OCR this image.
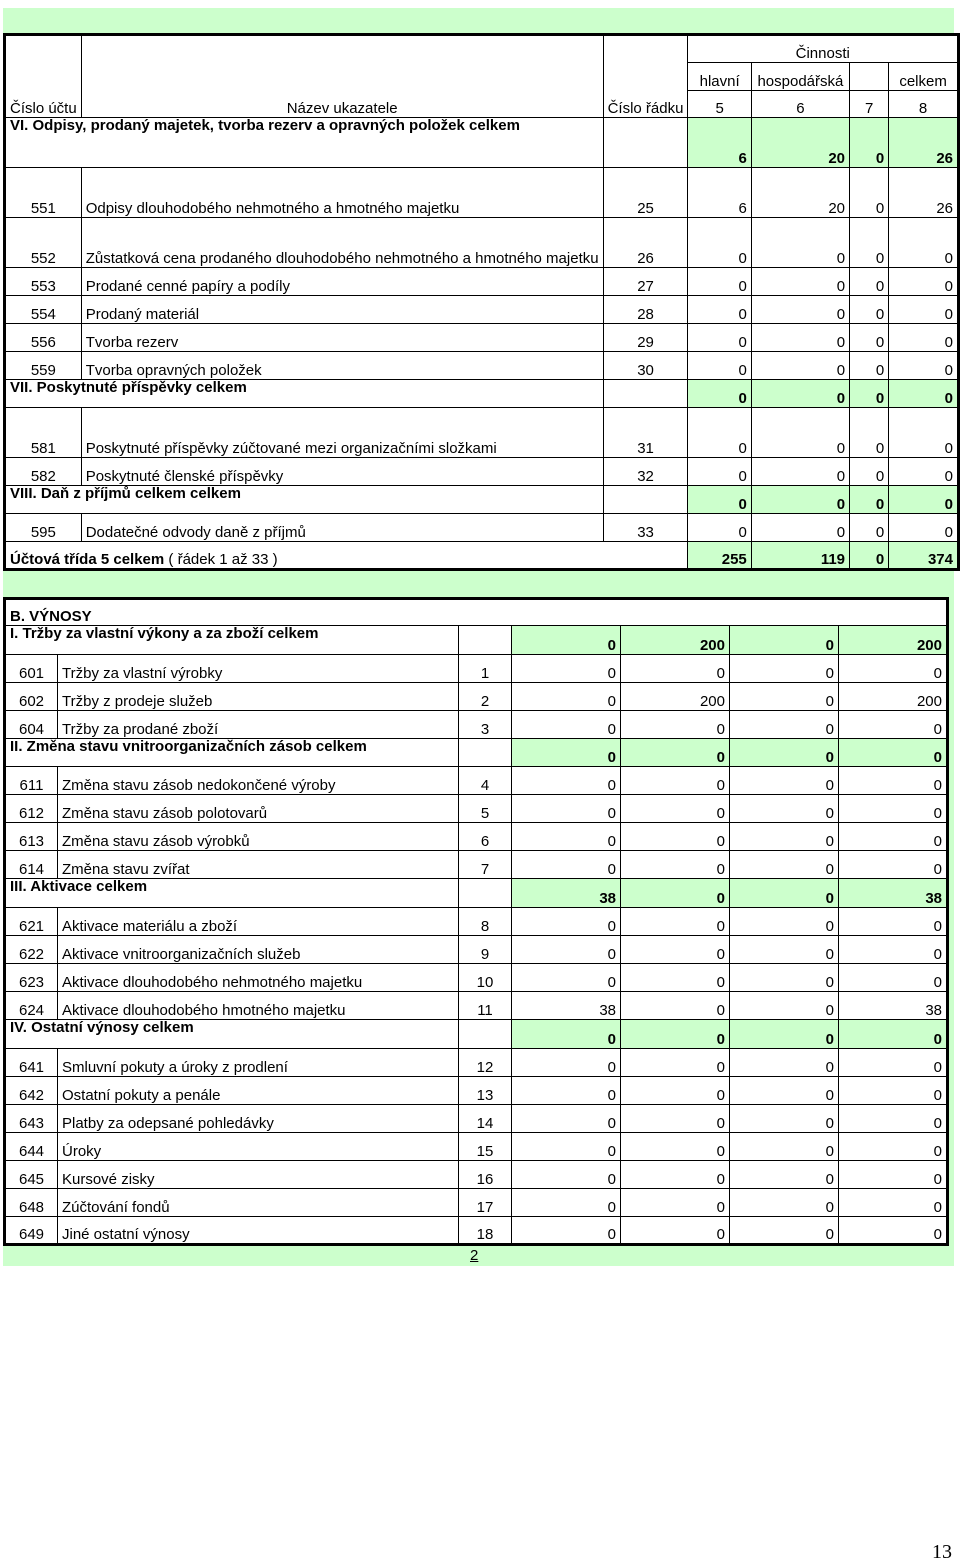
Číslo účtu	Název ukazatele	Číslo řádku	Činnosti			
			hlavní	hospodářská		celkem
			5	6	7	8
VI. Odpisy, prodaný majetek, tvorba rezerv a opravných položek celkem			6	20	0	26
551	Odpisy dlouhodobého nehmotného a hmotného majetku	25	6	20	0	26
552	Zůstatková cena prodaného dlouhodobého nehmotného a hmotného majetku	26	0	0	0	0
553	Prodané cenné papíry a podíly	27	0	0	0	0
554	Prodaný materiál	28	0	0	0	0
556	Tvorba rezerv	29	0	0	0	0
559	Tvorba opravných položek	30	0	0	0	0
VII. Poskytnuté příspěvky celkem			0	0	0	0
581	Poskytnuté příspěvky zúčtované mezi organizačními složkami	31	0	0	0	0
582	Poskytnuté členské příspěvky	32	0	0	0	0
VIII. Daň z příjmů celkem celkem			0	0	0	0
595	Dodatečné odvody daně z příjmů	33	0	0	0	0
Účtová třída 5 celkem ( řádek 1 až 33 )			255	119	0	374
B. VÝNOSY						
I. Tržby za vlastní výkony a za zboží celkem			0	200	0	200
601	Tržby za vlastní výrobky	1	0	0	0	0
602	Tržby z prodeje služeb	2	0	200	0	200
604	Tržby za prodané zboží	3	0	0	0	0
II. Změna stavu vnitroorganizačních zásob celkem			0	0	0	0
611	Změna stavu zásob nedokončené výroby	4	0	0	0	0
612	Změna stavu zásob polotovarů	5	0	0	0	0
613	Změna stavu zásob výrobků	6	0	0	0	0
614	Změna stavu zvířat	7	0	0	0	0
III. Aktivace celkem			38	0	0	38
621	Aktivace materiálu a zboží	8	0	0	0	0
622	Aktivace vnitroorganizačních služeb	9	0	0	0	0
623	Aktivace dlouhodobého nehmotného majetku	10	0	0	0	0
624	Aktivace dlouhodobého hmotného majetku	11	38	0	0	38
IV. Ostatní výnosy celkem			0	0	0	0
641	Smluvní pokuty a úroky z prodlení	12	0	0	0	0
642	Ostatní pokuty a penále	13	0	0	0	0
643	Platby za odepsané pohledávky	14	0	0	0	0
644	Úroky	15	0	0	0	0
645	Kursové zisky	16	0	0	0	0
648	Zúčtování fondů	17	0	0	0	0
649	Jiné ostatní výnosy	18	0	0	0	0
2
13
